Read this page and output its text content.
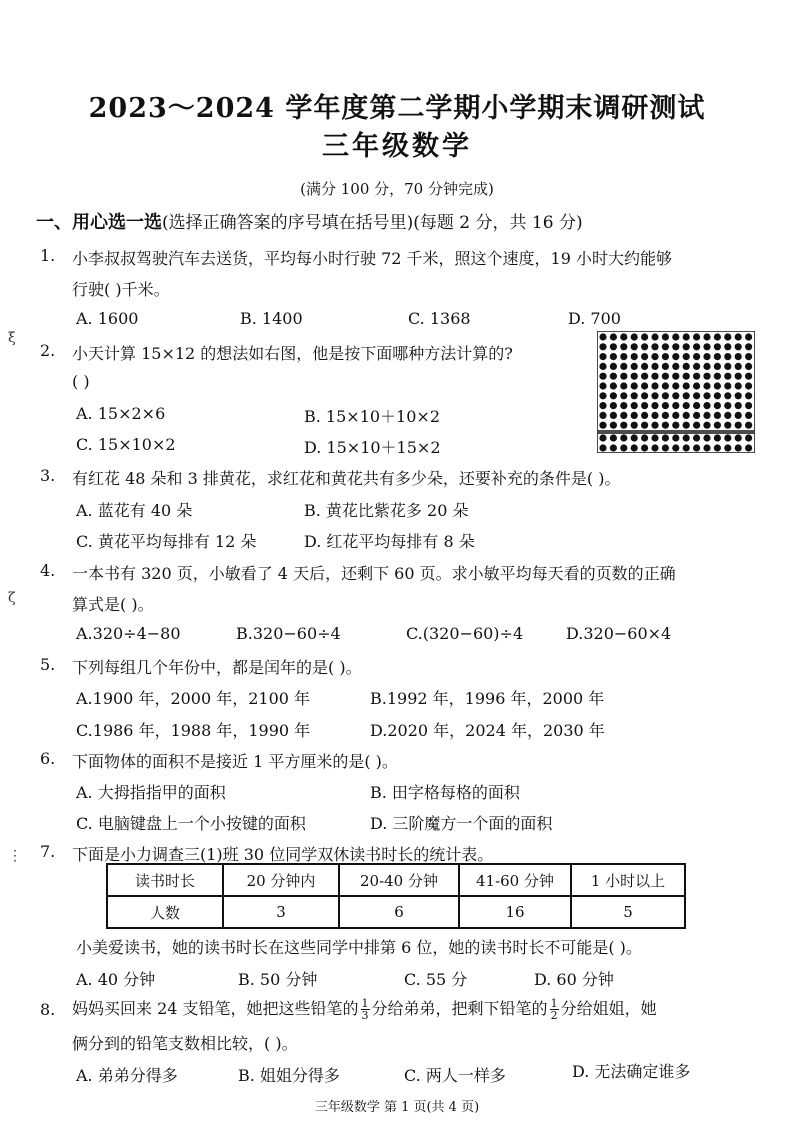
2023～2024 学年度第二学期小学期末调研测试
三年级数学
(满分 100 分，70 分钟完成)
一、用心选一选(选择正确答案的序号填在括号里)(每题 2 分，共 16 分)
ξ
1. 小李叔叔驾驶汽车去送货，平均每小时行驶 72 千米，照这个速度，19 小时大约能够
行驶( )千米。
A. 1600	B. 1400	C. 1368	D. 700
2. 小天计算 15×12 的想法如右图，他是按下面哪种方法计算的?
( )
A. 15×2×6	B. 15×10＋10×2
C. 15×10×2	D. 15×10＋15×2
3. 有红花 48 朵和 3 排黄花，求红花和黄花共有多少朵，还要补充的条件是( )。
A. 蓝花有 40 朵	B. 黄花比紫花多 20 朵
C. 黄花平均每排有 12 朵	D. 红花平均每排有 8 朵
ζ
4. 一本书有 320 页，小敏看了 4 天后，还剩下 60 页。求小敏平均每天看的页数的正确
算式是( )。
A.320÷4−80	B.320−60÷4	C.(320−60)÷4	D.320−60×4
5. 下列每组几个年份中，都是闰年的是( )。
A.1900 年，2000 年，2100 年	B.1992 年，1996 年，2000 年
C.1986 年，1988 年，1990 年	D.2020 年，2024 年，2030 年
6. 下面物体的面积不是接近 1 平方厘米的是( )。
A. 大拇指指甲的面积	B. 田字格每格的面积
C. 电脑键盘上一个小按键的面积	D. 三阶魔方一个面的面积
⋮ 7. 下面是小力调查三(1)班 30 位同学双休读书时长的统计表。
读书时长	20 分钟内	20-40 分钟	41-60 分钟	1 小时以上
人数	3	6	16	5
小美爱读书，她的读书时长在这些同学中排第 6 位，她的读书时长不可能是( )。
A. 40 分钟	B. 50 分钟	C. 55 分	D. 60 分钟
8. 妈妈买回来 24 支铅笔，她把这些铅笔的 $\frac{1}{3}$ 分给弟弟，把剩下铅笔的 $\frac{1}{2}$ 分给姐姐，她
俩分到的铅笔支数相比较，( )。
A. 弟弟分得多	B. 姐姐分得多	C. 两人一样多	D. 无法确定谁多
三年级数学 第 1 页(共 4 页)
